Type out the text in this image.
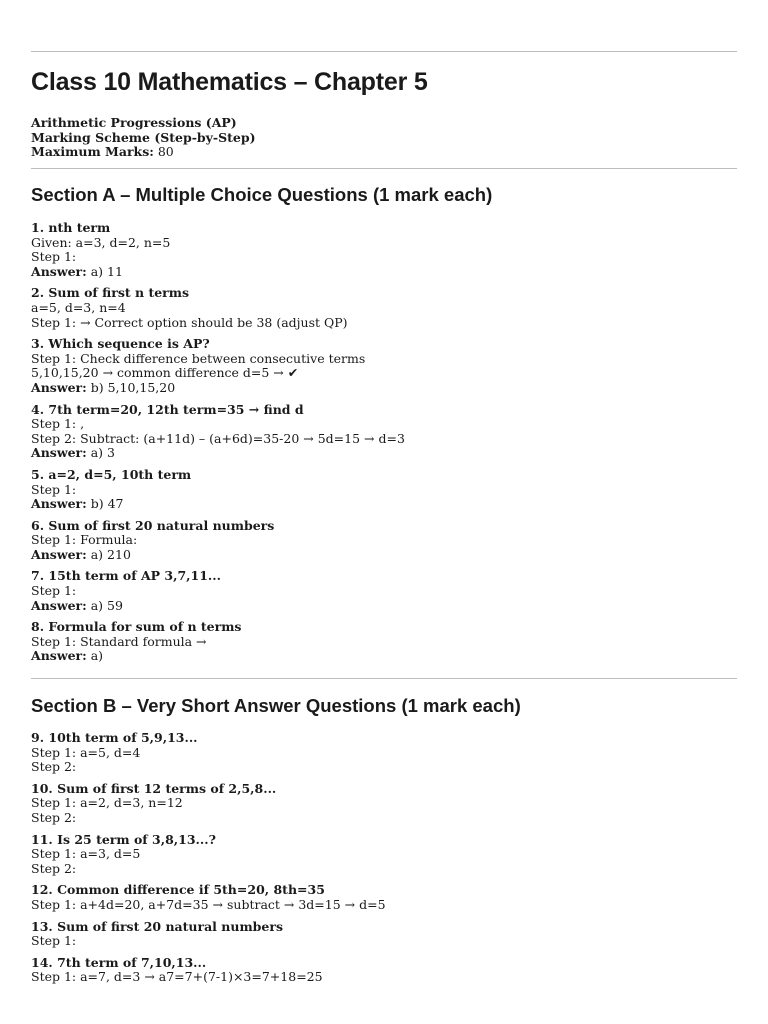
Class 10 Mathematics – Chapter 5
Arithmetic Progressions (AP)
Marking Scheme (Step-by-Step)
Maximum Marks: 80
Section A – Multiple Choice Questions (1 mark each)
1. nth term
Given: a=3, d=2, n=5
Step 1:
Answer: a) 11
2. Sum of first n terms
a=5, d=3, n=4
Step 1: → Correct option should be 38 (adjust QP)
3. Which sequence is AP?
Step 1: Check difference between consecutive terms
5,10,15,20 → common difference d=5 → ✔
Answer: b) 5,10,15,20
4. 7th term=20, 12th term=35 → find d
Step 1: ,
Step 2: Subtract: (a+11d) – (a+6d)=35-20 → 5d=15 → d=3
Answer: a) 3
5. a=2, d=5, 10th term
Step 1:
Answer: b) 47
6. Sum of first 20 natural numbers
Step 1: Formula:
Answer: a) 210
7. 15th term of AP 3,7,11...
Step 1:
Answer: a) 59
8. Formula for sum of n terms
Step 1: Standard formula →
Answer: a)
Section B – Very Short Answer Questions (1 mark each)
9. 10th term of 5,9,13...
Step 1: a=5, d=4
Step 2:
10. Sum of first 12 terms of 2,5,8...
Step 1: a=2, d=3, n=12
Step 2:
11. Is 25 term of 3,8,13...?
Step 1: a=3, d=5
Step 2:
12. Common difference if 5th=20, 8th=35
Step 1: a+4d=20, a+7d=35 → subtract → 3d=15 → d=5
13. Sum of first 20 natural numbers
Step 1:
14. 7th term of 7,10,13...
Step 1: a=7, d=3 → a7=7+(7-1)×3=7+18=25
